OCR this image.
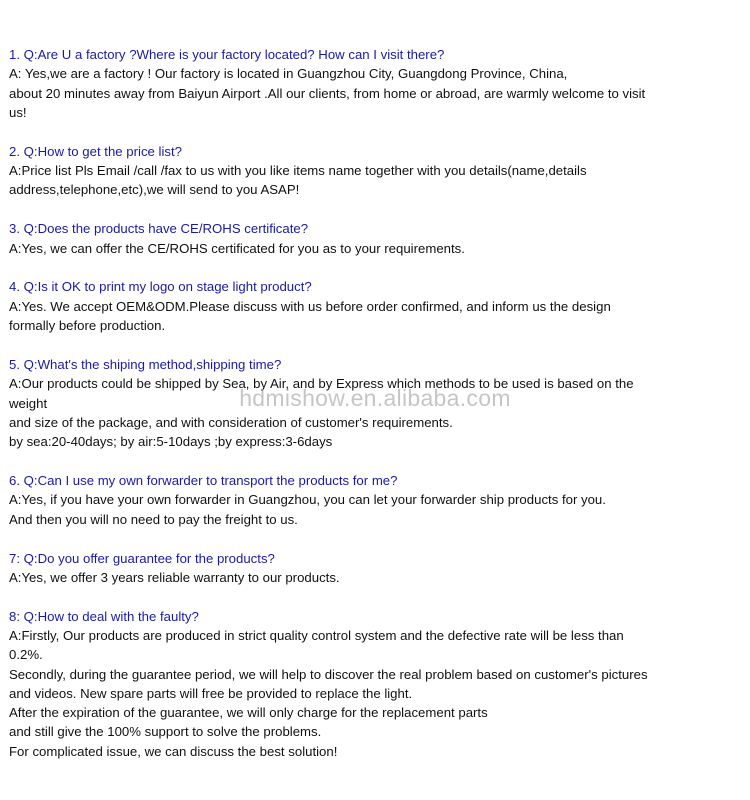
1. Q:Are U a factory ?Where is your factory located? How can I visit there?
A: Yes,we are a factory ! Our factory is located in Guangzhou City, Guangdong Province, China,
about 20 minutes away from Baiyun Airport .All our clients, from home or abroad, are warmly welcome to visit
us!
2. Q:How to get the price list?
A:Price list Pls Email /call /fax to us with you like items name together with you details(name,details
address,telephone,etc),we will send to you ASAP!
3. Q:Does the products have CE/ROHS certificate?
A:Yes, we can offer the CE/ROHS certificated for you as to your requirements.
4. Q:Is it OK to print my logo on stage light product?
A:Yes. We accept OEM&ODM.Please discuss with us before order confirmed, and inform us the design
formally before production.
5. Q:What's the shiping method,shipping time?
A:Our products could be shipped by Sea, by Air, and by Express which methods to be used is based on the
weight
and size of the package, and with consideration of customer's requirements.
by sea:20-40days; by air:5-10days ;by express:3-6days
6. Q:Can I use my own forwarder to transport the products for me?
A:Yes, if you have your own forwarder in Guangzhou, you can let your forwarder ship products for you.
And then you will no need to pay the freight to us.
7: Q:Do you offer guarantee for the products?
A:Yes, we offer 3 years reliable warranty to our products.
8: Q:How to deal with the faulty?
A:Firstly, Our products are produced in strict quality control system and the defective rate will be less than
0.2%.
Secondly, during the guarantee period, we will help to discover the real problem based on customer's pictures
and videos. New spare parts will free be provided to replace the light.
After the expiration of the guarantee, we will only charge for the replacement parts
and still give the 100% support to solve the problems.
For complicated issue, we can discuss the best solution!
hdmishow.en.alibaba.com
